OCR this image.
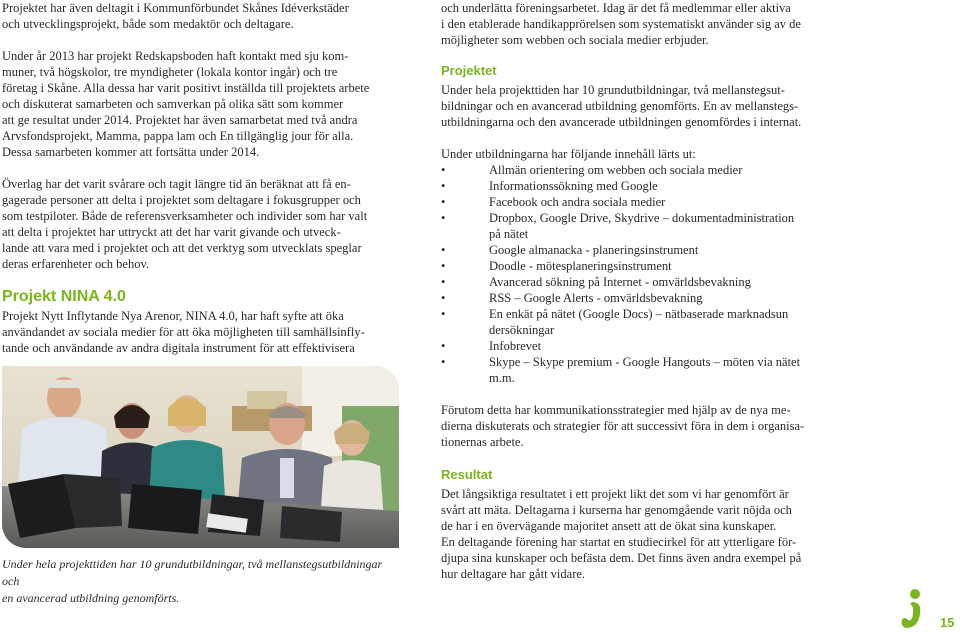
Projektet har även deltagit i Kommunförbundet Skånes Idéverkstäder

och utvecklingsprojekt, både som medaktör och deltagare.

Under år 2013 har projekt Redskapsboden haft kontakt med sju kom-

muner, två högskolor, tre myndigheter (lokala kontor ingår) och tre

företag i Skåne. Alla dessa har varit positivt inställda till projektets arbete

och diskuterat samarbeten och samverkan på olika sätt som kommer

att ge resultat under 2014. Projektet har även samarbetat med två andra

Arvsfondsprojekt, Mamma, pappa lam och En tillgänglig jour för alla.

Dessa samarbeten kommer att fortsätta under 2014.

Överlag har det varit svårare och tagit längre tid än beräknat att få en-

gagerade personer att delta i projektet som deltagare i fokusgrupper och

som testpiloter. Både de referensverksamheter och individer som har valt

att delta i projektet har uttryckt att det har varit givande och utveck-

lande att vara med i projektet och att det verktyg som utvecklats speglar

deras erfarenheter och behov.

Projekt NINA 4.0

Projekt Nytt Inflytande Nya Arenor, NINA 4.0, har haft syfte att öka

användandet av sociala medier för att öka möjligheten till samhällsinfly-

tande och användande av andra digitala instrument för att effektivisera

Under hela projekttiden har 10 grundutbildningar, två mellanstegsutbildningar och
en avancerad utbildning genomförts.

och underlätta föreningsarbetet. Idag är det få medlemmar eller aktiva

i den etablerade handikapprörelsen som systematiskt använder sig av de

möjligheter som webben och sociala medier erbjuder.

Projektet

Under hela projekttiden har 10 grundutbildningar, två mellanstegsut-

bildningar och en avancerad utbildning genomförts. En av mellanstegs-

utbildningarna och den avancerade utbildningen genomfördes i internat.

Under utbildningarna har följande innehåll lärts ut:

•	Allmän orientering om webben och sociala medier
•	Informationssökning med Google
•	Facebook och andra sociala medier
•	Dropbox, Google Drive, Skydrive – dokumentadministration
på nätet
•	Google almanacka - planeringsinstrument
•	Doodle - mötesplaneringsinstrument
•	Avancerad sökning på Internet - omvärldsbevakning
•	RSS – Google Alerts - omvärldsbevakning
•	En enkät på nätet (Google Docs) – nätbaserade marknadsun
dersökningar
•	Infobrevet
•	Skype – Skype premium - Google Hangouts – möten via nätet
m.m.

Förutom detta har kommunikationsstrategier med hjälp av de nya me-

dierna diskuterats och strategier för att successivt föra in dem i organisa-

tionernas arbete.

Resultat

Det långsiktiga resultatet i ett projekt likt det som vi har genomfört är

svårt att mäta. Deltagarna i kurserna har genomgående varit nöjda och

de har i en övervägande majoritet ansett att de ökat sina kunskaper.

En deltagande förening har startat en studiecirkel för att ytterligare för-

djupa sina kunskaper och befästa dem. Det finns även andra exempel på

hur deltagare har gått vidare.

15
